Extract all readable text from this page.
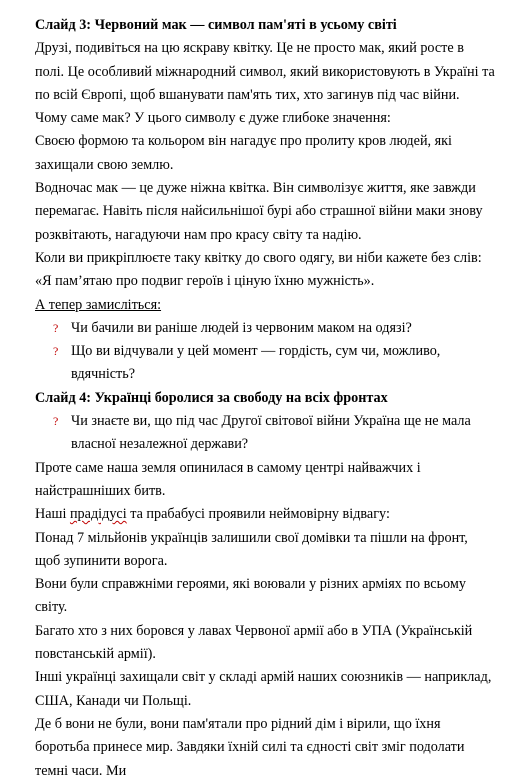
Слайд 3: Червоний мак — символ пам'яті в усьому світі

Друзі, подивіться на цю яскраву квітку. Це не просто мак, який росте в полі. Це особливий міжнародний символ, який використовують в Україні та по всій Європі, щоб вшанувати пам'ять тих, хто загинув під час війни.

Чому саме мак? У цього символу є дуже глибоке значення:

Своєю формою та кольором він нагадує про пролиту кров людей, які захищали свою землю.

Водночас мак — це дуже ніжна квітка. Він символізує життя, яке завжди перемагає. Навіть після найсильнішої бурі або страшної війни маки знову розквітають, нагадуючи нам про красу світу та надію.

Коли ви прикріплюєте таку квітку до свого одягу, ви ніби кажете без слів: «Я пам’ятаю про подвиг героїв і ціную їхню мужність».

А тепер замисліться:

? Чи бачили ви раніше людей із червоним маком на одязі?

? Що ви відчували у цей момент — гордість, сум чи, можливо, вдячність?

Слайд 4: Українці боролися за свободу на всіх фронтах

? Чи знаєте ви, що під час Другої світової війни Україна ще не мала власної незалежної держави?

Проте саме наша земля опинилася в самому центрі найважчих і найстрашніших битв.

Наші прадідусі та прабабусі проявили неймовірну відвагу:

Понад 7 мільйонів українців залишили свої домівки та пішли на фронт, щоб зупинити ворога.

Вони були справжніми героями, які воювали у різних арміях по всьому світу.

Багато хто з них боровся у лавах Червоної армії або в УПА (Українській повстанській армії).

Інші українці захищали світ у складі армій наших союзників — наприклад, США, Канади чи Польщі.

Де б вони не були, вони пам'ятали про рідний дім і вірили, що їхня боротьба принесе мир. Завдяки їхній силі та єдності світ зміг подолати темні часи. Ми
